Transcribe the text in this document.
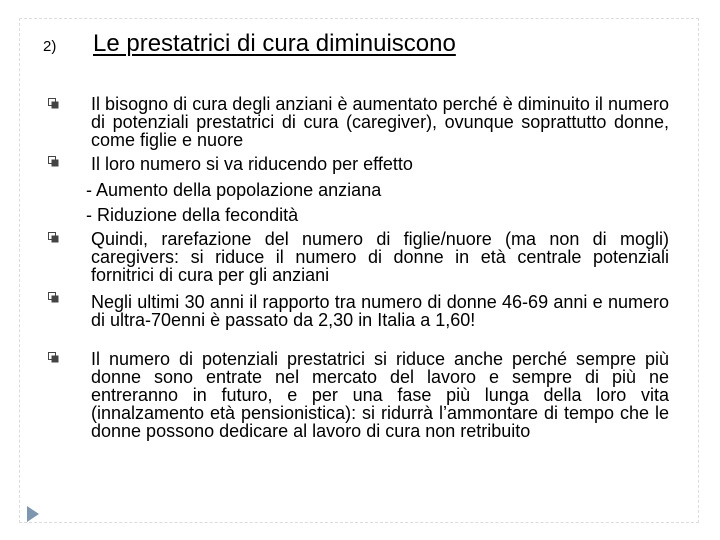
2) Le prestatrici di cura diminuiscono
Il bisogno di cura degli anziani è aumentato perché è diminuito il numero di potenziali prestatrici di cura (caregiver), ovunque soprattutto donne, come figlie e nuore
Il loro numero si va riducendo per effetto
- Aumento della popolazione anziana
- Riduzione della fecondità
Quindi, rarefazione del numero di figlie/nuore (ma non di mogli) caregivers: si riduce il numero di donne in età centrale potenziali fornitrici di cura per gli anziani
Negli ultimi 30 anni il rapporto tra numero di donne 46-69 anni e numero di ultra-70enni è passato da 2,30 in Italia a 1,60!
Il numero di potenziali prestatrici si riduce anche perché sempre più donne sono entrate nel mercato del lavoro e sempre di più ne entreranno in futuro, e per una fase più lunga della loro vita (innalzamento età pensionistica): si ridurrà l’ammontare di tempo che le donne possono dedicare al lavoro di cura non retribuito
